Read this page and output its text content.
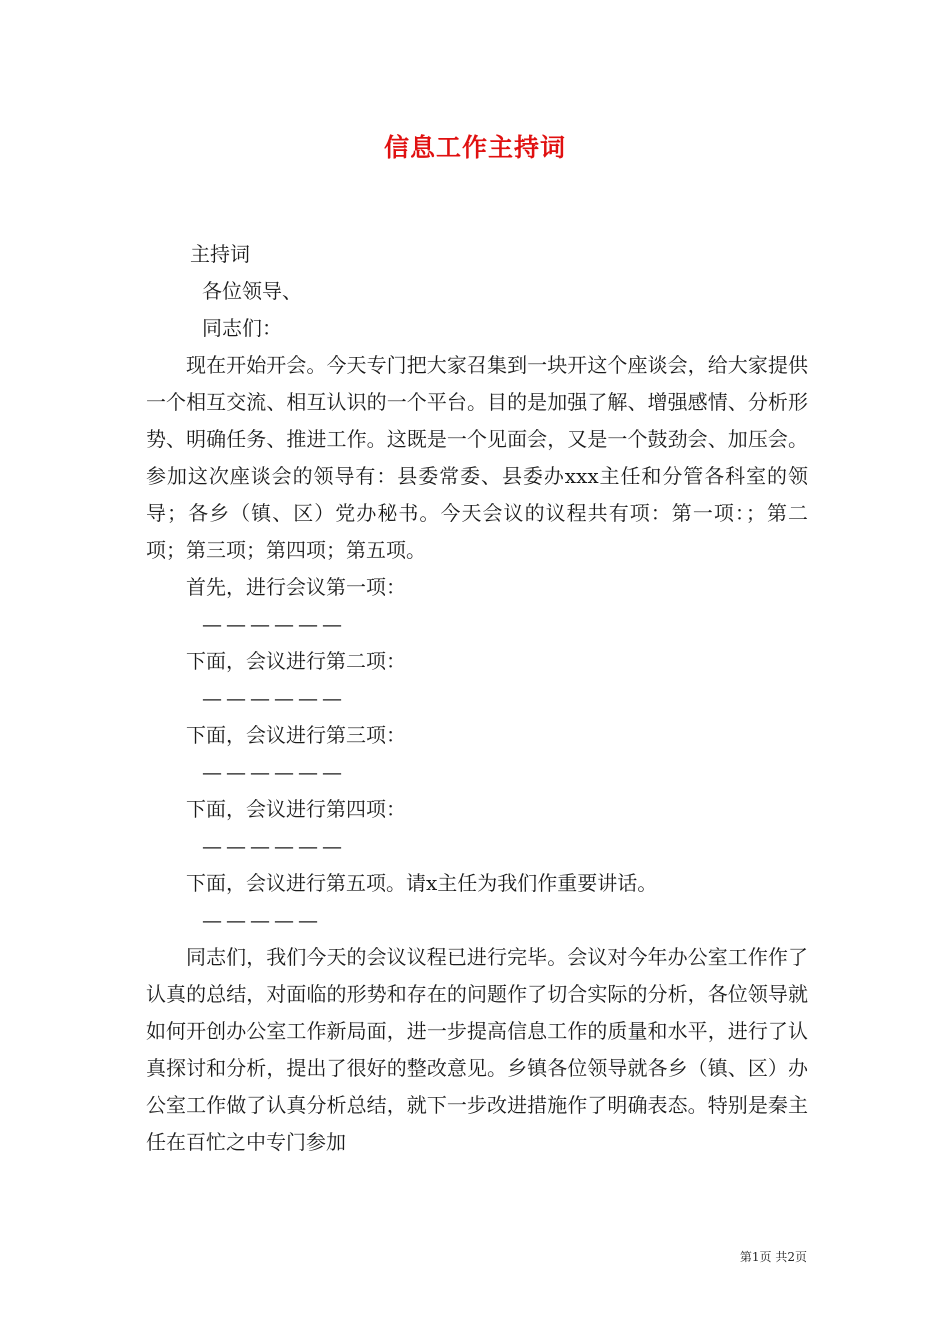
信息工作主持词

主持词

各位领导、

同志们：

现在开始开会。今天专门把大家召集到一块开这个座谈会，给大家提供一个相互交流、相互认识的一个平台。目的是加强了解、增强感情、分析形势、明确任务、推进工作。这既是一个见面会，又是一个鼓劲会、加压会。参加这次座谈会的领导有：县委常委、县委办xxx主任和分管各科室的领导；各乡（镇、区）党办秘书。今天会议的议程共有项：第一项：；第二项；第三项；第四项；第五项。

首先，进行会议第一项：

——————

下面，会议进行第二项：

——————

下面，会议进行第三项：

——————

下面，会议进行第四项：

——————

下面，会议进行第五项。请x主任为我们作重要讲话。

—————

同志们，我们今天的会议议程已进行完毕。会议对今年办公室工作作了认真的总结，对面临的形势和存在的问题作了切合实际的分析，各位领导就如何开创办公室工作新局面，进一步提高信息工作的质量和水平，进行了认真探讨和分析，提出了很好的整改意见。乡镇各位领导就各乡（镇、区）办公室工作做了认真分析总结，就下一步改进措施作了明确表态。特别是秦主任在百忙之中专门参加

第1页 共2页
